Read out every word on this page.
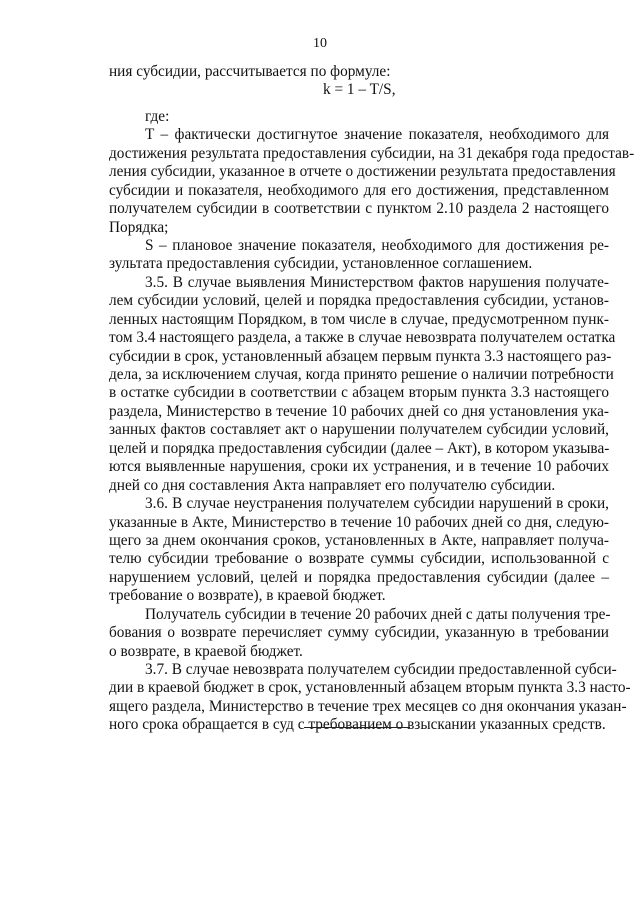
10
ния субсидии, рассчитывается по формуле:
k = 1 – T/S,
где:
T – фактически достигнутое значение показателя, необходимого для
достижения результата предоставления субсидии, на 31 декабря года предостав-
ления субсидии, указанное в отчете о достижении результата предоставления
субсидии и показателя, необходимого для его достижения, представленном
получателем субсидии в соответствии с пунктом 2.10 раздела 2 настоящего
Порядка;
S – плановое значение показателя, необходимого для достижения ре-
зультата предоставления субсидии, установленное соглашением.
3.5. В случае выявления Министерством фактов нарушения получате-
лем субсидии условий, целей и порядка предоставления субсидии, установ-
ленных настоящим Порядком, в том числе в случае, предусмотренном пунк-
том 3.4 настоящего раздела, а также в случае невозврата получателем остатка
субсидии в срок, установленный абзацем первым пункта 3.3 настоящего раз-
дела, за исключением случая, когда принято решение о наличии потребности
в остатке субсидии в соответствии с абзацем вторым пункта 3.3 настоящего
раздела, Министерство в течение 10 рабочих дней со дня установления ука-
занных фактов составляет акт о нарушении получателем субсидии условий,
целей и порядка предоставления субсидии (далее – Акт), в котором указыва-
ются выявленные нарушения, сроки их устранения, и в течение 10 рабочих
дней со дня составления Акта направляет его получателю субсидии.
3.6. В случае неустранения получателем субсидии нарушений в сроки,
указанные в Акте, Министерство в течение 10 рабочих дней со дня, следую-
щего за днем окончания сроков, установленных в Акте, направляет получа-
телю субсидии требование о возврате суммы субсидии, использованной с
нарушением условий, целей и порядка предоставления субсидии (далее –
требование о возврате), в краевой бюджет.
Получатель субсидии в течение 20 рабочих дней с даты получения тре-
бования о возврате перечисляет сумму субсидии, указанную в требовании
о возврате, в краевой бюджет.
3.7. В случае невозврата получателем субсидии предоставленной субси-
дии в краевой бюджет в срок, установленный абзацем вторым пункта 3.3 насто-
ящего раздела, Министерство в течение трех месяцев со дня окончания указан-
ного срока обращается в суд с требованием о взыскании указанных средств.
